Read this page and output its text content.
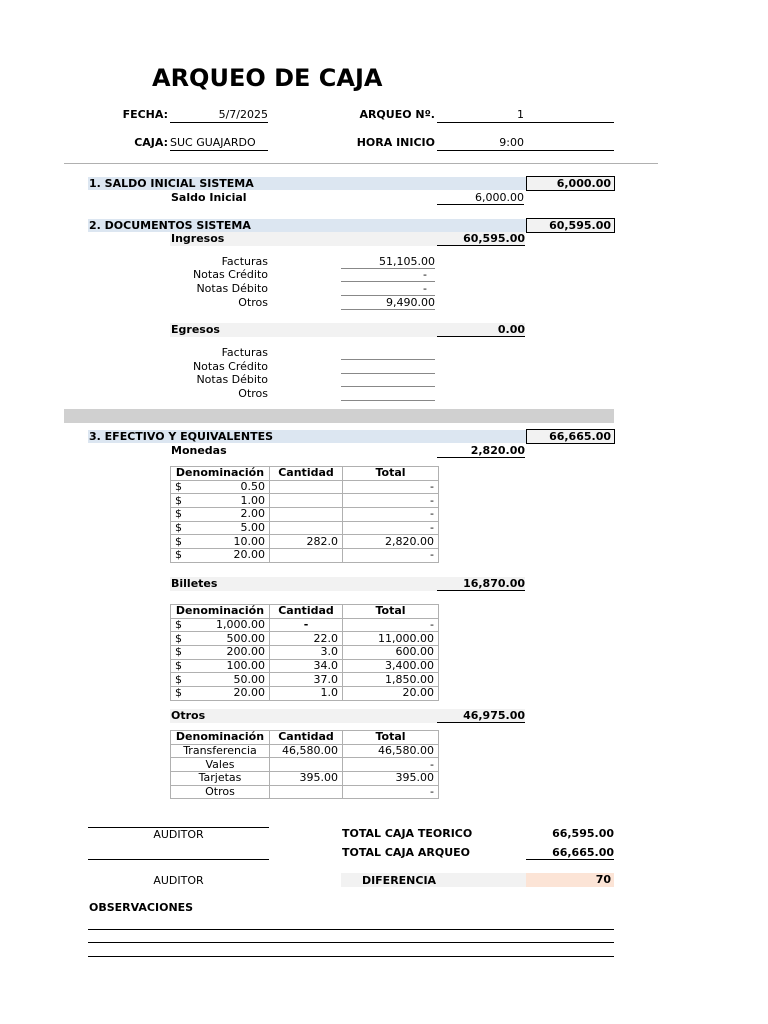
ARQUEO DE CAJA
FECHA:	5/7/2025	ARQUEO Nº.	1
CAJA: SUC GUAJARDO	HORA INICIO	9:00
1. SALDO INICIAL SISTEMA	6,000.00
Saldo Inicial	6,000.00
2. DOCUMENTOS SISTEMA	60,595.00
Ingresos	60,595.00
Facturas	51,105.00
Notas Crédito	-
Notas Débito	-
Otros	9,490.00
Egresos	0.00
Facturas
Notas Crédito
Notas Débito
Otros
3. EFECTIVO Y EQUIVALENTES	66,665.00
Monedas	2,820.00
Denominación	Cantidad	Total

$ 0.50		-

$ 1.00		-

$ 2.00		-

$ 5.00		-

$ 10.00	282.0	2,820.00

$ 20.00		-
Billetes	16,870.00
Denominación	Cantidad	Total

$ 1,000.00	-	-

$ 500.00	22.0	11,000.00

$ 200.00	3.0	600.00

$ 100.00	34.0	3,400.00

$ 50.00	37.0	1,850.00

$ 20.00	1.0	20.00
Otros	46,975.00
Denominación	Cantidad	Total
Transferencia	46,580.00	46,580.00
Vales		-
Tarjetas	395.00	395.00
Otros		-
AUDITOR	TOTAL CAJA TEORICO	66,595.00
TOTAL CAJA ARQUEO	66,665.00
AUDITOR	DIFERENCIA	70
OBSERVACIONES
